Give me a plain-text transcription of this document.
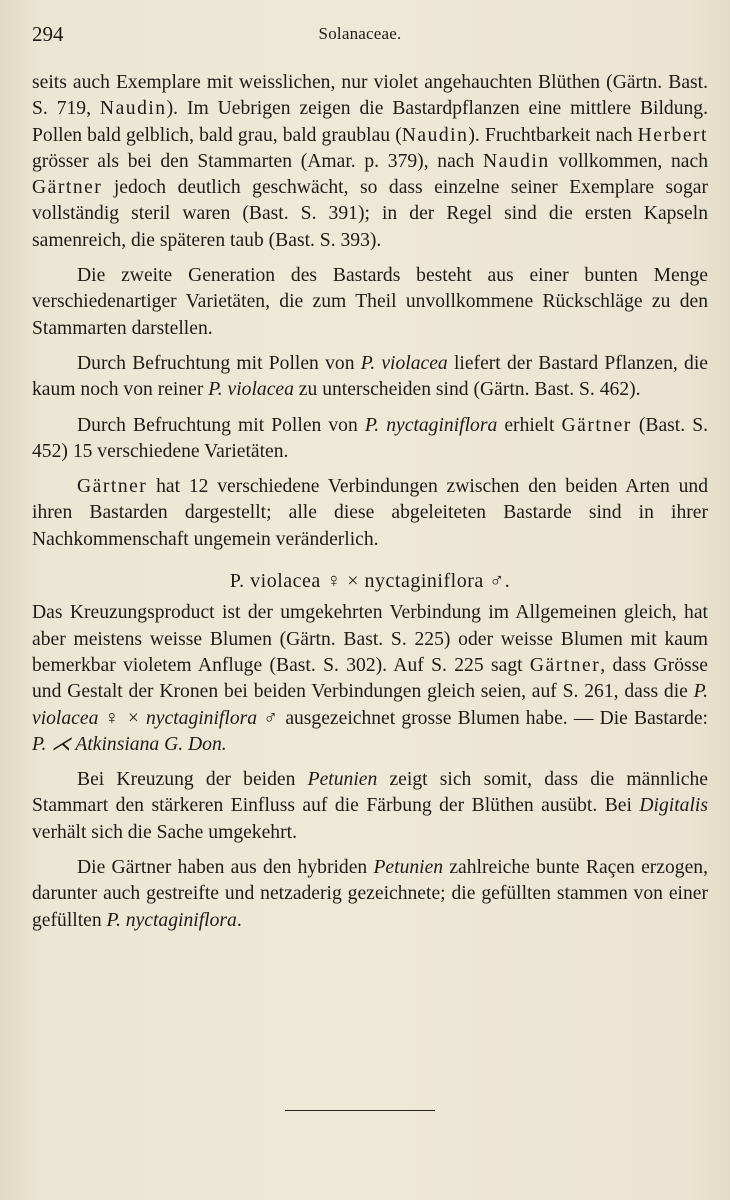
294	Solanaceae.

seits auch Exemplare mit weisslichen, nur violet angehauchten Blüthen (Gärtn. Bast. S. 719, Naudin). Im Uebrigen zeigen die Bastardpflanzen eine mittlere Bildung. Pollen bald gelblich, bald grau, bald graublau (Naudin). Fruchtbarkeit nach Herbert grösser als bei den Stammarten (Amar. p. 379), nach Naudin vollkommen, nach Gärtner jedoch deutlich geschwächt, so dass einzelne seiner Exemplare sogar vollständig steril waren (Bast. S. 391); in der Regel sind die ersten Kapseln samenreich, die späteren taub (Bast. S. 393).

Die zweite Generation des Bastards besteht aus einer bunten Menge verschiedenartiger Varietäten, die zum Theil unvollkommene Rückschläge zu den Stammarten darstellen.

Durch Befruchtung mit Pollen von P. violacea liefert der Bastard Pflanzen, die kaum noch von reiner P. violacea zu unterscheiden sind (Gärtn. Bast. S. 462).

Durch Befruchtung mit Pollen von P. nyctaginiflora erhielt Gärtner (Bast. S. 452) 15 verschiedene Varietäten.

Gärtner hat 12 verschiedene Verbindungen zwischen den beiden Arten und ihren Bastarden dargestellt; alle diese abgeleiteten Bastarde sind in ihrer Nachkommenschaft ungemein veränderlich.

P. violacea ♀ × nyctaginiflora ♂.

Das Kreuzungsproduct ist der umgekehrten Verbindung im Allgemeinen gleich, hat aber meistens weisse Blumen (Gärtn. Bast. S. 225) oder weisse Blumen mit kaum bemerkbar violetem Anfluge (Bast. S. 302). Auf S. 225 sagt Gärtner, dass Grösse und Gestalt der Kronen bei beiden Verbindungen gleich seien, auf S. 261, dass die P. violacea ♀ × nyctaginiflora ♂ ausgezeichnet grosse Blumen habe. — Die Bastarde: P. ⋌ Atkinsiana G. Don.

Bei Kreuzung der beiden Petunien zeigt sich somit, dass die männliche Stammart den stärkeren Einfluss auf die Färbung der Blüthen ausübt. Bei Digitalis verhält sich die Sache umgekehrt.

Die Gärtner haben aus den hybriden Petunien zahlreiche bunte Raçen erzogen, darunter auch gestreifte und netzaderig gezeichnete; die gefüllten stammen von einer gefüllten P. nyctaginiflora.
